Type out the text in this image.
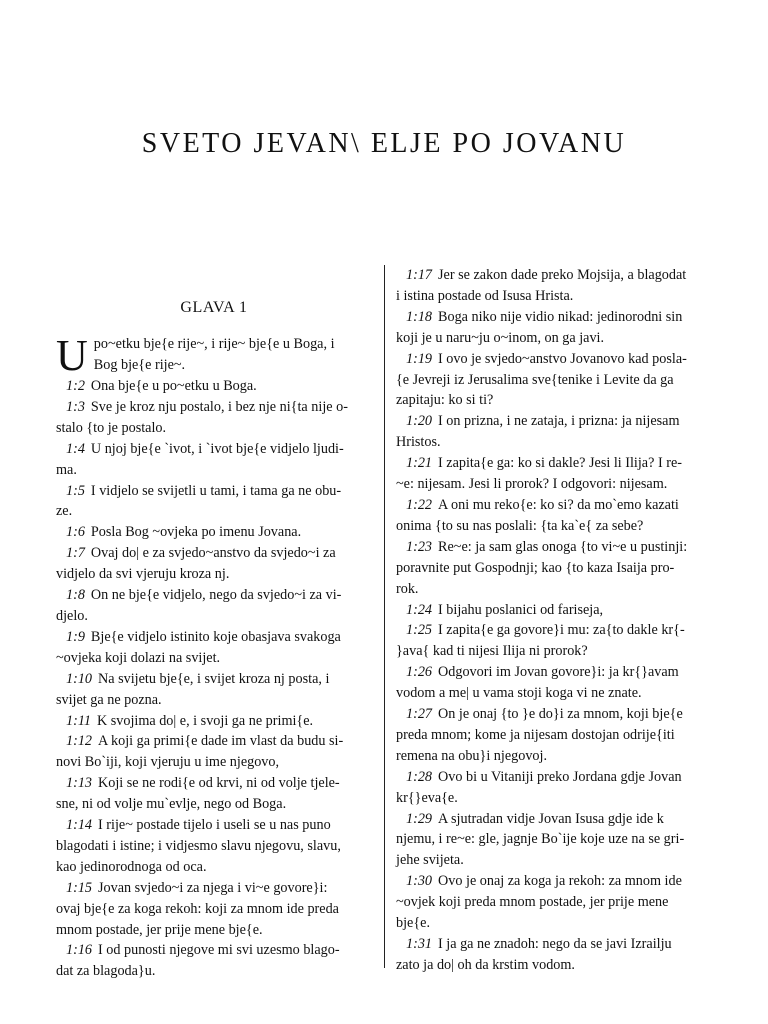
SVETO JEVAN\ ELJE PO JOVANU
GLAVA 1
U po~etku bje{e rije~, i rije~ bje{e u Boga, i
Bog bje{e rije~.
1:2 Ona bje{e u po~etku u Boga.
1:3 Sve je kroz nju postalo, i bez nje ni{ta nije o-
stalo {to je postalo.
1:4 U njoj bje{e `ivot, i `ivot bje{e vidjelo ljudi-
ma.
1:5 I vidjelo se svijetli u tami, i tama ga ne obu-
ze.
1:6 Posla Bog ~ovjeka po imenu Jovana.
1:7 Ovaj do| e za svjedo~anstvo da svjedo~i za
vidjelo da svi vjeruju kroza nj.
1:8 On ne bje{e vidjelo, nego da svjedo~i za vi-
djelo.
1:9 Bje{e vidjelo istinito koje obasjava svakoga
~ovjeka koji dolazi na svijet.
1:10 Na svijetu bje{e, i svijet kroza nj posta, i
svijet ga ne pozna.
1:11 K svojima do| e, i svoji ga ne primi{e.
1:12 A koji ga primi{e dade im vlast da budu si-
novi Bo`iji, koji vjeruju u ime njegovo,
1:13 Koji se ne rodi{e od krvi, ni od volje tjele-
sne, ni od volje mu`evlje, nego od Boga.
1:14 I rije~ postade tijelo i useli se u nas puno
blagodati i istine; i vidjesmo slavu njegovu, slavu,
kao jedinorodnoga od oca.
1:15 Jovan svjedo~i za njega i vi~e govore}i:
ovaj bje{e za koga rekoh: koji za mnom ide preda
mnom postade, jer prije mene bje{e.
1:16 I od punosti njegove mi svi uzesmo blago-
dat za blagoda}u.
1:17 Jer se zakon dade preko Mojsija, a blagodat
i istina postade od Isusa Hrista.
1:18 Boga niko nije vidio nikad: jedinorodni sin
koji je u naru~ju o~inom, on ga javi.
1:19 I ovo je svjedo~anstvo Jovanovo kad posla-
{e Jevreji iz Jerusalima sve{tenike i Levite da ga
zapitaju: ko si ti?
1:20 I on prizna, i ne zataja, i prizna: ja nijesam
Hristos.
1:21 I zapita{e ga: ko si dakle? Jesi li Ilija? I re-
~e: nijesam. Jesi li prorok? I odgovori: nijesam.
1:22 A oni mu reko{e: ko si? da mo`emo kazati
onima {to su nas poslali: {ta ka`e{ za sebe?
1:23 Re~e: ja sam glas onoga {to vi~e u pustinji:
poravnite put Gospodnji; kao {to kaza Isaija pro-
rok.
1:24 I bijahu poslanici od fariseja,
1:25 I zapita{e ga govore}i mu: za{to dakle kr{-
}ava{ kad ti nijesi Ilija ni prorok?
1:26 Odgovori im Jovan govore}i: ja kr{}avam
vodom a me| u vama stoji koga vi ne znate.
1:27 On je onaj {to }e do}i za mnom, koji bje{e
preda mnom; kome ja nijesam dostojan odrije{iti
remena na obu}i njegovoj.
1:28 Ovo bi u Vitaniji preko Jordana gdje Jovan
kr{}eva{e.
1:29 A sjutradan vidje Jovan Isusa gdje ide k
njemu, i re~e: gle, jagnje Bo`ije koje uze na se gri-
jehe svijeta.
1:30 Ovo je onaj za koga ja rekoh: za mnom ide
~ovjek koji preda mnom postade, jer prije mene
bje{e.
1:31 I ja ga ne znadoh: nego da se javi Izrailju
zato ja do| oh da krstim vodom.
